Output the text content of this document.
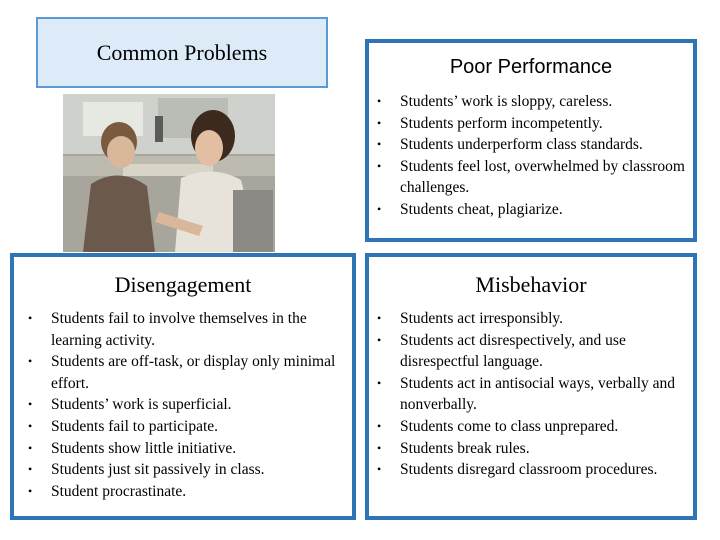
Common Problems
Poor Performance
• Students’ work is sloppy, careless.
• Students perform incompetently.
• Students underperform class standards.
• Students feel lost, overwhelmed by classroom challenges.
• Students cheat, plagiarize.
Disengagement
• Students fail to involve themselves in the learning activity.
• Students are off-task, or display only minimal effort.
• Students’ work is superficial.
• Students fail to participate.
• Students show little initiative.
• Students just sit passively in class.
• Student procrastinate.
Misbehavior
• Students act irresponsibly.
• Students act disrespectively, and use disrespectful language.
• Students act in antisocial ways, verbally and nonverbally.
• Students come to class unprepared.
• Students break rules.
• Students disregard classroom procedures.
